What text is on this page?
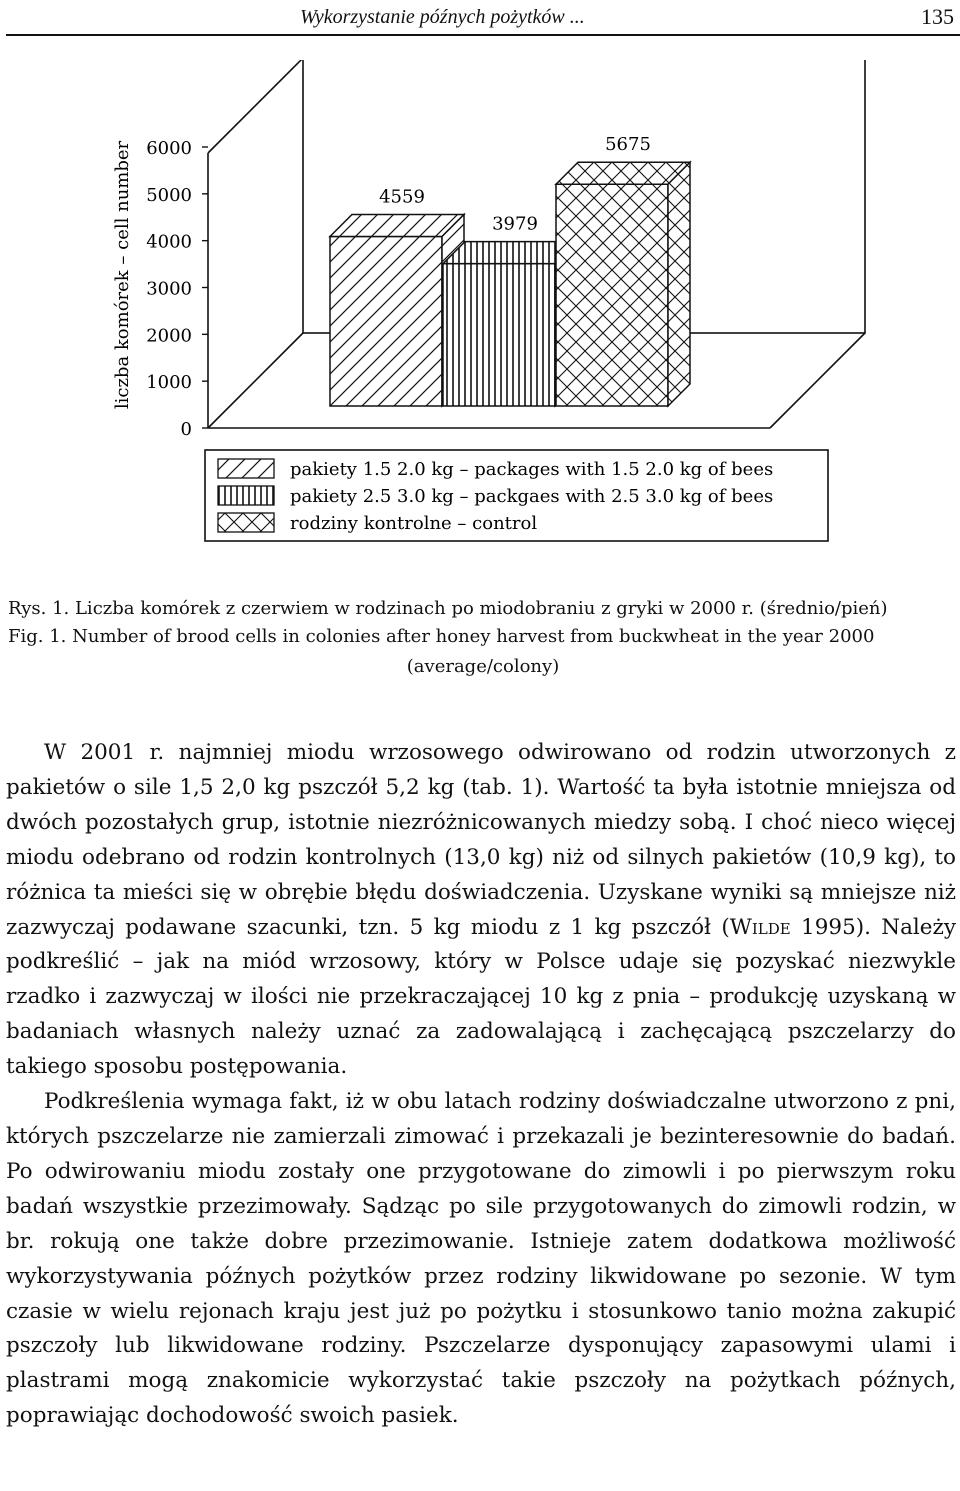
Wykorzystanie późnych pożytków ...	135
0
1000
2000
3000
4000
5000
6000
4559
3979
5675
liczba komórek – cell number
pakiety 1.5 2.0 kg – packages with 1.5 2.0 kg of bees
pakiety 2.5 3.0 kg – packgaes with 2.5 3.0 kg of bees
rodziny kontrolne – control
Rys. 1. Liczba komórek z czerwiem w rodzinach po miodobraniu z gryki w 2000 r. (średnio/pień)
Fig. 1. Number of brood cells in colonies after honey harvest from buckwheat in the year 2000
(average/colony)

W 2001 r. najmniej miodu wrzosowego odwirowano od rodzin utworzonych z pakietów o sile 1,5 2,0 kg pszczół 5,2 kg (tab. 1). Wartość ta była istotnie mniejsza od dwóch pozostałych grup, istotnie niezróżnicowanych miedzy sobą. I choć nieco więcej miodu odebrano od rodzin kontrolnych (13,0 kg) niż od silnych pakietów (10,9 kg), to różnica ta mieści się w obrębie błędu doświadczenia. Uzyskane wyniki są mniejsze niż zazwyczaj podawane szacunki, tzn. 5 kg miodu z 1 kg pszczół (Wilde 1995). Należy podkreślić – jak na miód wrzosowy, który w Polsce udaje się pozyskać niezwykle rzadko i zazwyczaj w ilości nie przekraczającej 10 kg z pnia – produkcję uzyskaną w badaniach własnych należy uznać za zadowalającą i zachęcającą pszczelarzy do takiego sposobu postępowania.

Podkreślenia wymaga fakt, iż w obu latach rodziny doświadczalne utworzono z pni, których pszczelarze nie zamierzali zimować i przekazali je bezinteresownie do badań. Po odwirowaniu miodu zostały one przygotowane do zimowli i po pierwszym roku badań wszystkie przezimowały. Sądząc po sile przygotowanych do zimowli rodzin, w br. rokują one także dobre przezimowanie. Istnieje zatem dodatkowa możliwość wykorzystywania późnych pożytków przez rodziny likwidowane po sezonie. W tym czasie w wielu rejonach kraju jest już po pożytku i stosunkowo tanio można zakupić pszczoły lub likwidowane rodziny. Pszczelarze dysponujący zapasowymi ulami i plastrami mogą znakomicie wykorzystać takie pszczoły na pożytkach późnych, poprawiając dochodowość swoich pasiek.
